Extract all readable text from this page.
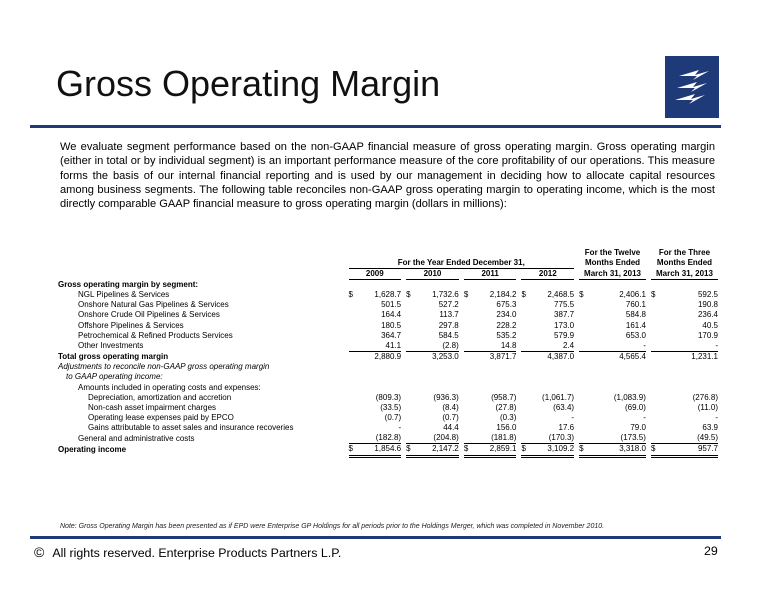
Gross Operating Margin
We evaluate segment performance based on the non-GAAP financial measure of gross operating margin. Gross operating margin (either in total or by individual segment) is an important performance measure of the core profitability of our operations. This measure forms the basis of our internal financial reporting and is used by our management in deciding how to allocate capital resources among business segments. The following table reconciles non-GAAP gross operating margin to operating income, which is the most directly comparable GAAP financial measure to gross operating margin (dollars in millions):
														For the Twelve			For the Three	
		For the Year Ended December 31,												Months Ended			Months Ended	
		2009			2010			2011			2012			March 31, 2013			March 31, 2013	
Gross operating margin by segment:																		
NGL Pipelines & Services		$	1,628.7		$	1,732.6		$	2,184.2		$	2,468.5		$	2,406.1		$	592.5
Onshore Natural Gas Pipelines & Services			501.5			527.2			675.3			775.5			760.1			190.8
Onshore Crude Oil Pipelines & Services			164.4			113.7			234.0			387.7			584.8			236.4
Offshore Pipelines & Services			180.5			297.8			228.2			173.0			161.4			40.5
Petrochemical & Refined Products Services			364.7			584.5			535.2			579.9			653.0			170.9
Other Investments			41.1			(2.8)			14.8			2.4			-			-
Total gross operating margin			2,880.9			3,253.0			3,871.7			4,387.0			4,565.4			1,231.1
Adjustments to reconcile non-GAAP gross operating margin																		
to GAAP operating income:																		
Amounts included in operating costs and expenses:																		
Depreciation, amortization and accretion			(809.3)			(936.3)			(958.7)			(1,061.7)			(1,083.9)			(276.8)
Non-cash asset impairment charges			(33.5)			(8.4)			(27.8)			(63.4)			(69.0)			(11.0)
Operating lease expenses paid by EPCO			(0.7)			(0.7)			(0.3)			-			-			-
Gains attributable to asset sales and insurance recoveries			-			44.4			156.0			17.6			79.0			63.9
General and administrative costs			(182.8)			(204.8)			(181.8)			(170.3)			(173.5)			(49.5)
Operating income		$	1,854.6		$	2,147.2		$	2,859.1		$	3,109.2		$	3,318.0		$	957.7
Note: Gross Operating Margin has been presented as if EPD were Enterprise GP Holdings for all periods prior to the Holdings Merger, which was completed in November 2010.
© All rights reserved. Enterprise Products Partners L.P.	29
